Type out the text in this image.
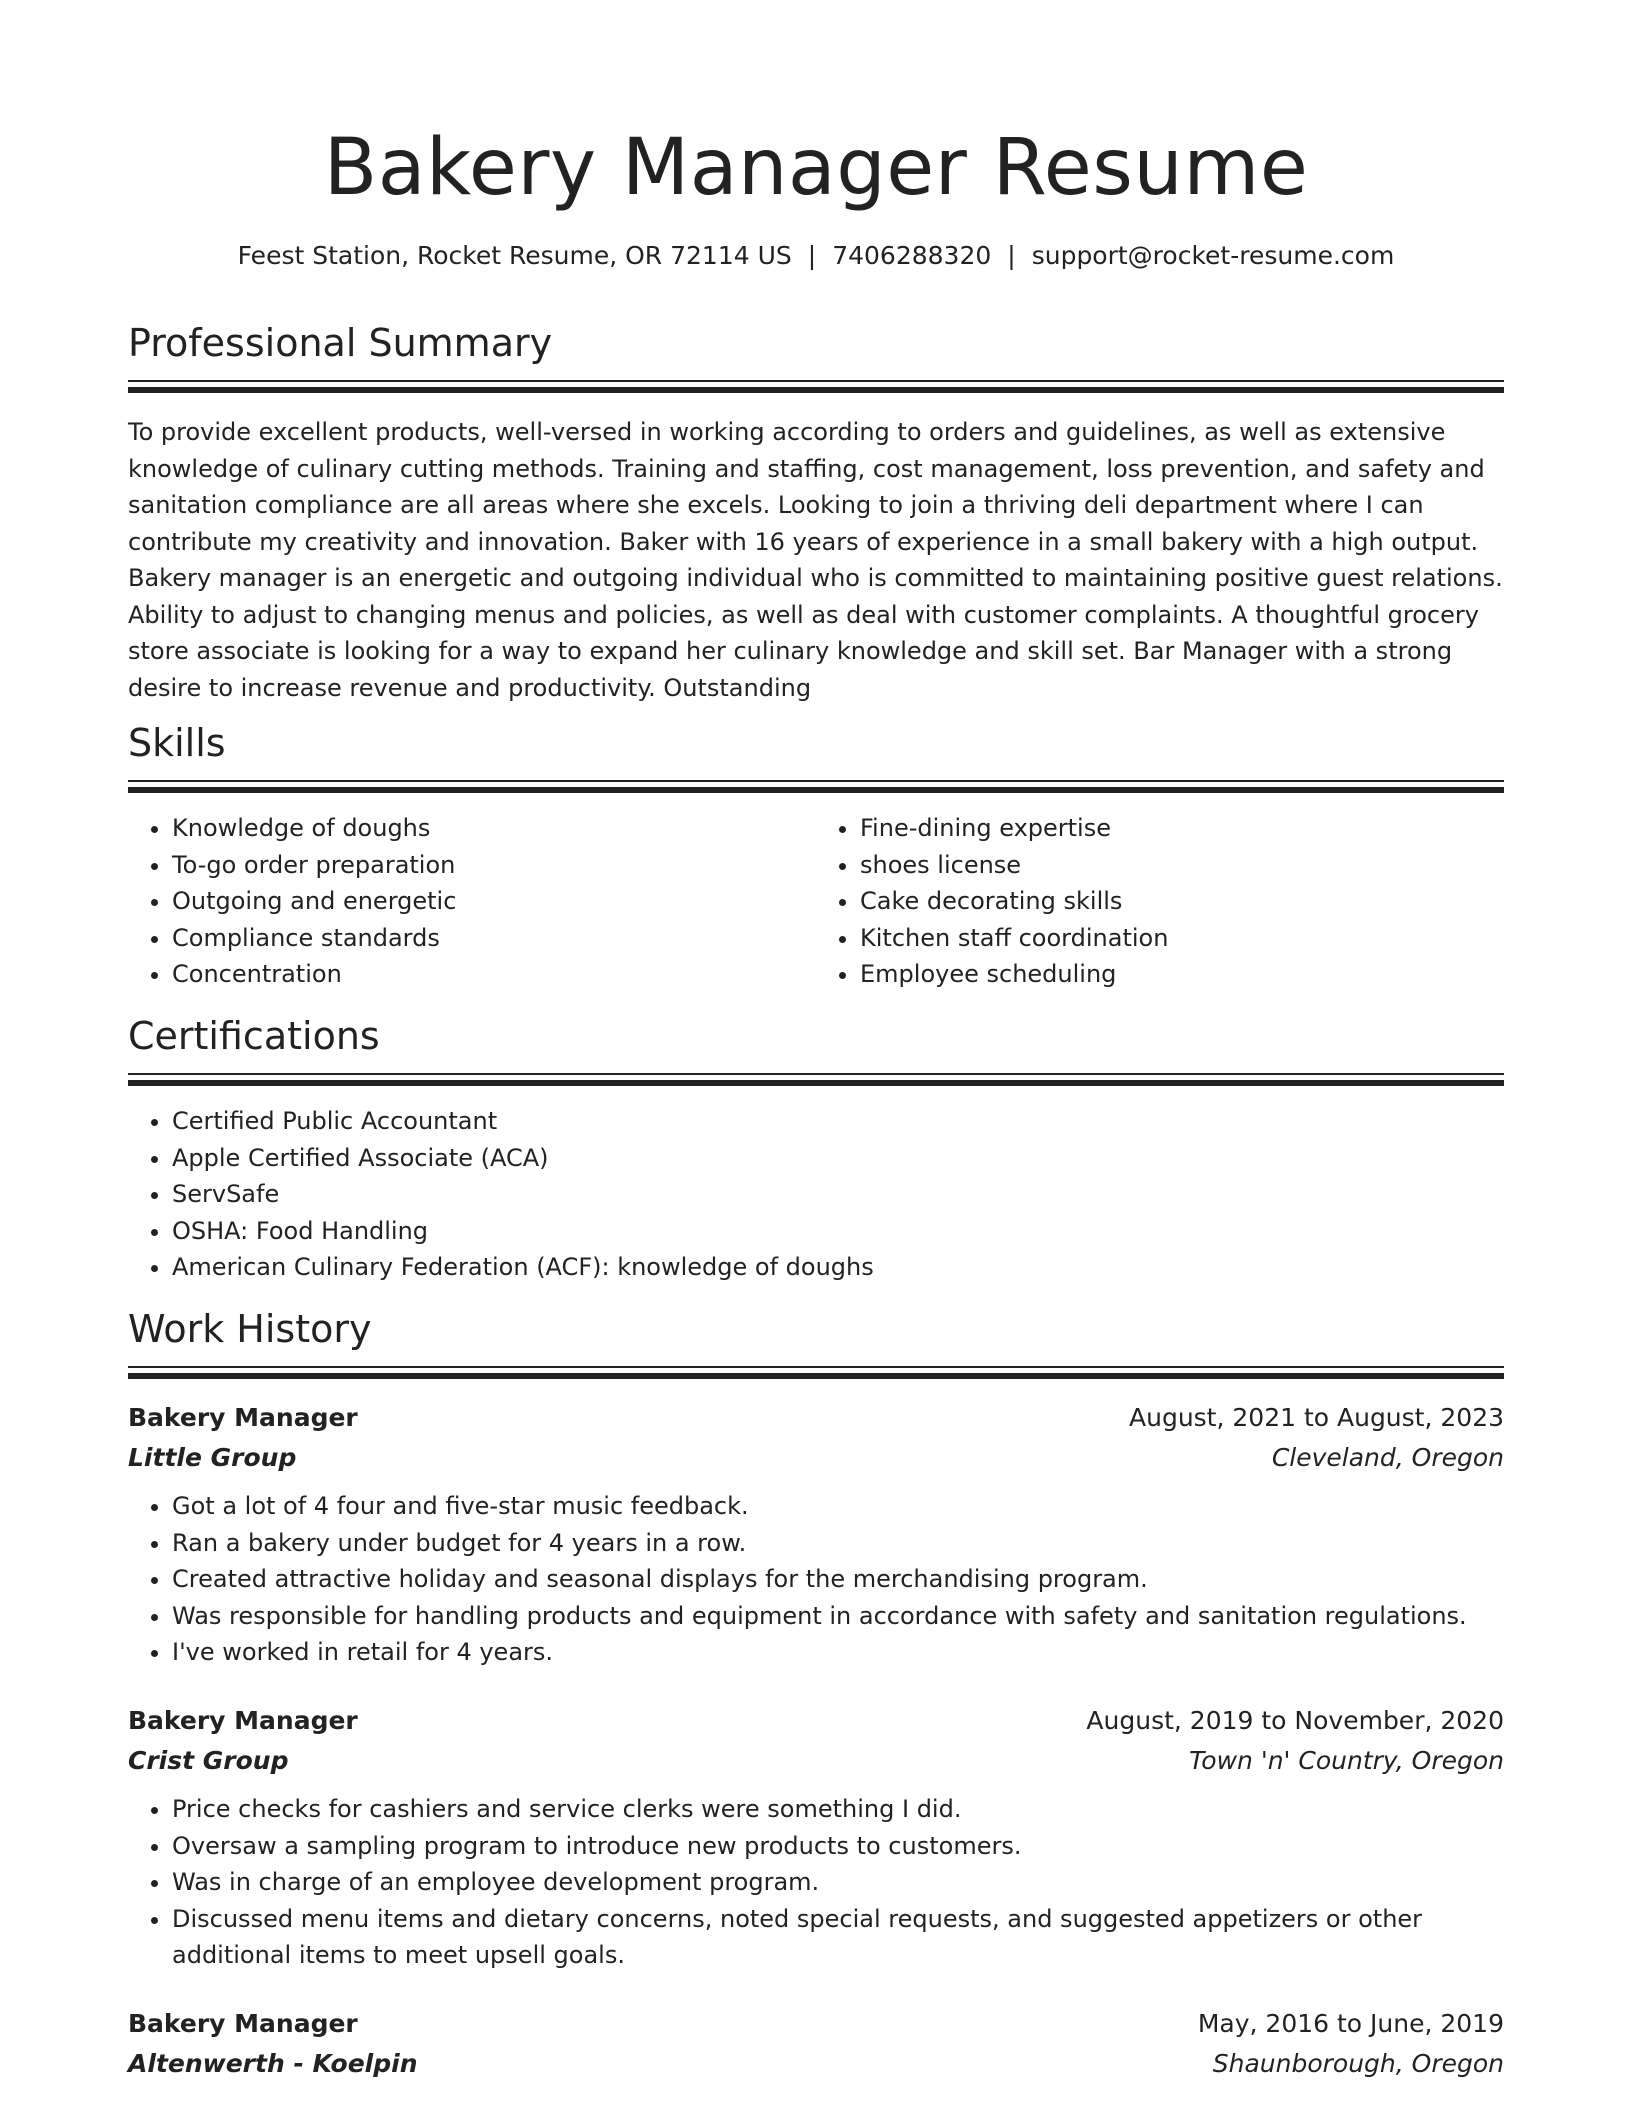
Bakery Manager Resume
Feest Station, Rocket Resume, OR 72114 US | 7406288320 | support@rocket-resume.com
Professional Summary

To provide excellent products, well-versed in working according to orders and guidelines, as well as extensive knowledge of culinary cutting methods. Training and staffing, cost management, loss prevention, and safety and sanitation compliance are all areas where she excels. Looking to join a thriving deli department where I can contribute my creativity and innovation. Baker with 16 years of experience in a small bakery with a high output. Bakery manager is an energetic and outgoing individual who is committed to maintaining positive guest relations. Ability to adjust to changing menus and policies, as well as deal with customer complaints. A thoughtful grocery store associate is looking for a way to expand her culinary knowledge and skill set. Bar Manager with a strong desire to increase revenue and productivity. Outstanding

Skills
• Knowledge of doughs
• To-go order preparation
• Outgoing and energetic
• Compliance standards
• Concentration
• Fine-dining expertise
• shoes license
• Cake decorating skills
• Kitchen staff coordination
• Employee scheduling
Certifications
• Certified Public Accountant
• Apple Certified Associate (ACA)
• ServSafe
• OSHA: Food Handling
• American Culinary Federation (ACF): knowledge of doughs
Work History
Bakery Manager	August, 2021 to August, 2023
Little Group	Cleveland, Oregon
• Got a lot of 4 four and five-star music feedback.
• Ran a bakery under budget for 4 years in a row.
• Created attractive holiday and seasonal displays for the merchandising program.
• Was responsible for handling products and equipment in accordance with safety and sanitation regulations.
• I've worked in retail for 4 years.
Bakery Manager	August, 2019 to November, 2020
Crist Group	Town 'n' Country, Oregon
• Price checks for cashiers and service clerks were something I did.
• Oversaw a sampling program to introduce new products to customers.
• Was in charge of an employee development program.
• Discussed menu items and dietary concerns, noted special requests, and suggested appetizers or other additional items to meet upsell goals.
Bakery Manager	May, 2016 to June, 2019
Altenwerth - Koelpin	Shaunborough, Oregon
